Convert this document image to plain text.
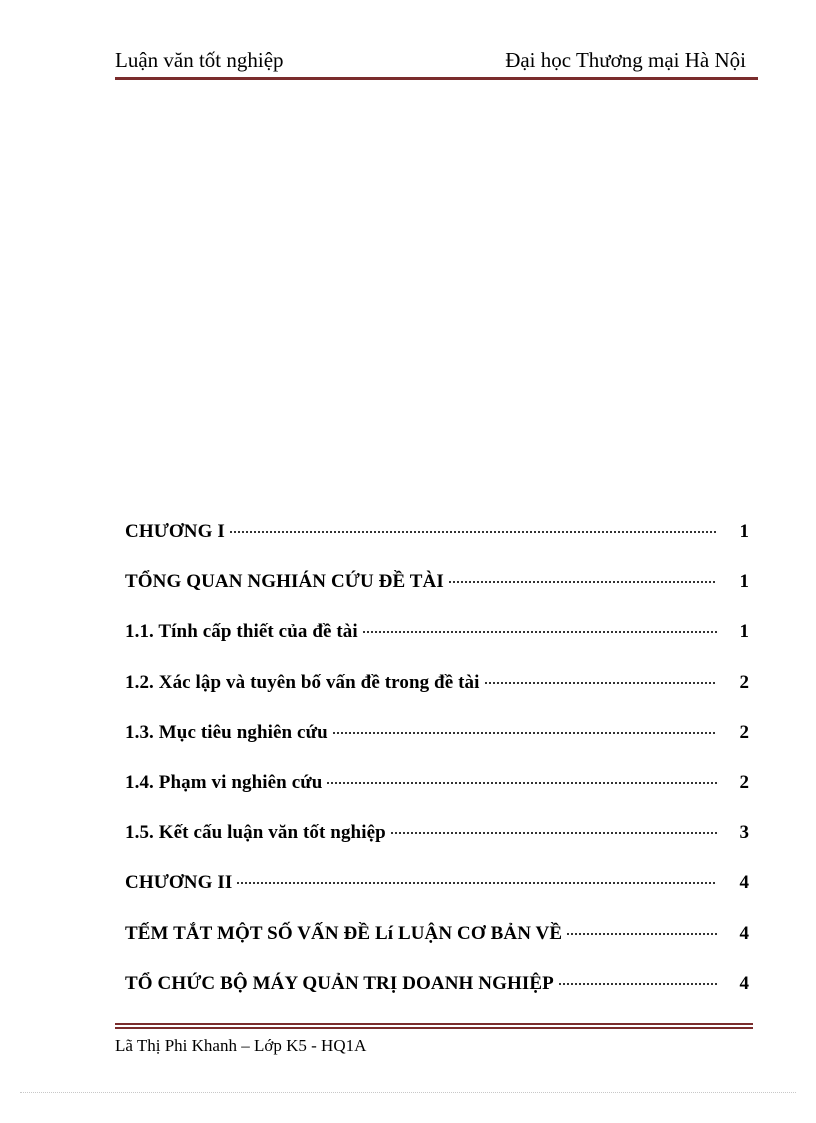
Luận văn tốt nghiệp	Đại học Thương mại Hà Nội
CHƯƠNG I	1
TỔNG QUAN NGHIÁN CỨU ĐỀ TÀI	1
1.1. Tính cấp thiết của đề tài	1
1.2. Xác lập và tuyên bố vấn đề trong đề tài	2
1.3. Mục tiêu nghiên cứu	2
1.4. Phạm vi nghiên cứu	2
1.5. Kết cấu luận văn tốt nghiệp	3
CHƯƠNG II	4
TẾM TẮT MỘT SỐ VẤN ĐỀ Lí LUẬN CƠ BẢN VỀ	4
TỔ CHỨC BỘ MÁY QUẢN TRỊ DOANH NGHIỆP	4
Lã Thị Phi Khanh – Lớp K5 - HQ1A
